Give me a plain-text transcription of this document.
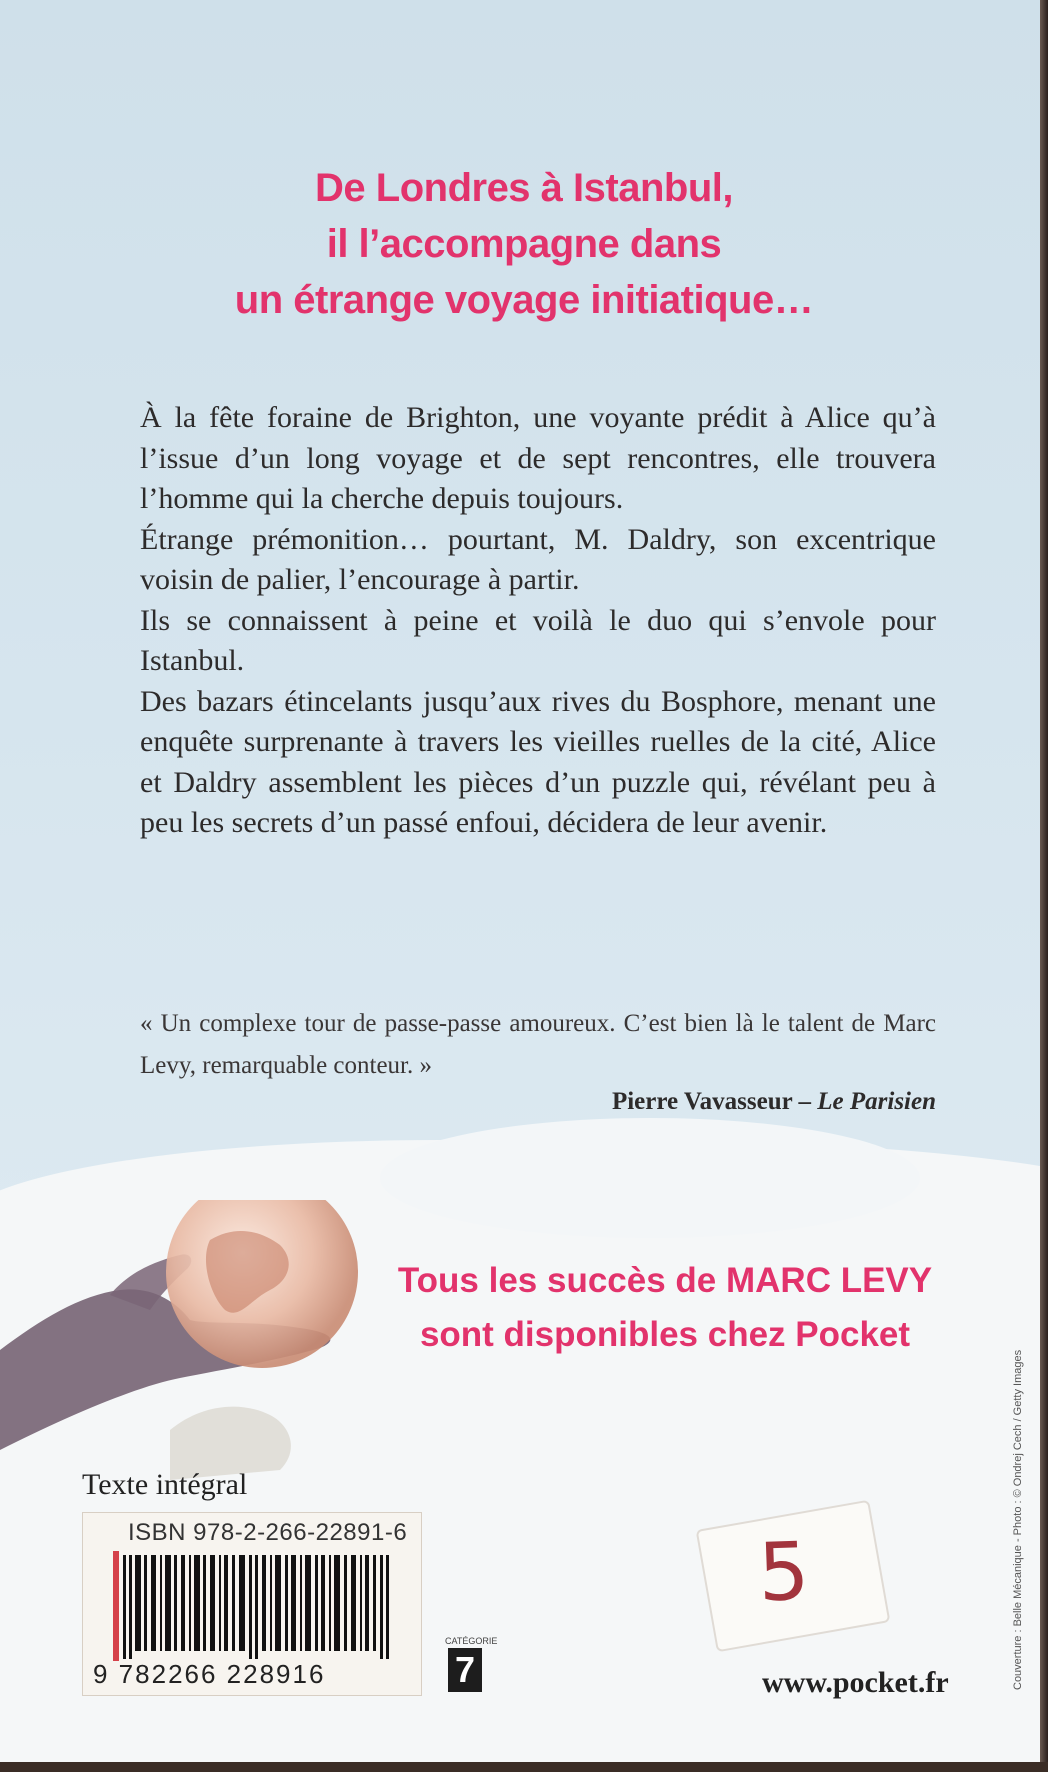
De Londres à Istanbul,
il l’accompagne dans
un étrange voyage initiatique…

À la fête foraine de Brighton, une voyante prédit à Alice qu’à l’issue d’un long voyage et de sept rencontres, elle trouvera l’homme qui la cherche depuis toujours.

Étrange prémonition… pourtant, M. Daldry, son excentrique voisin de palier, l’encourage à partir.

Ils se connaissent à peine et voilà le duo qui s’envole pour Istanbul.

Des bazars étincelants jusqu’aux rives du Bosphore, menant une enquête surprenante à travers les vieilles ruelles de la cité, Alice et Daldry assemblent les pièces d’un puzzle qui, révélant peu à peu les secrets d’un passé enfoui, décidera de leur avenir.

« Un complexe tour de passe-passe amoureux. C’est bien là le talent de Marc Levy, remarquable conteur. »
Pierre Vavasseur – Le Parisien
Tous les succès de MARC LEVY
sont disponibles chez Pocket
Texte intégral
ISBN 978-2-266-22891-6
9 782266 228916
CATÉGORIE
7
5
www.pocket.fr	Couverture : Belle Mécanique - Photo : © Ondrej Cech / Getty Images
